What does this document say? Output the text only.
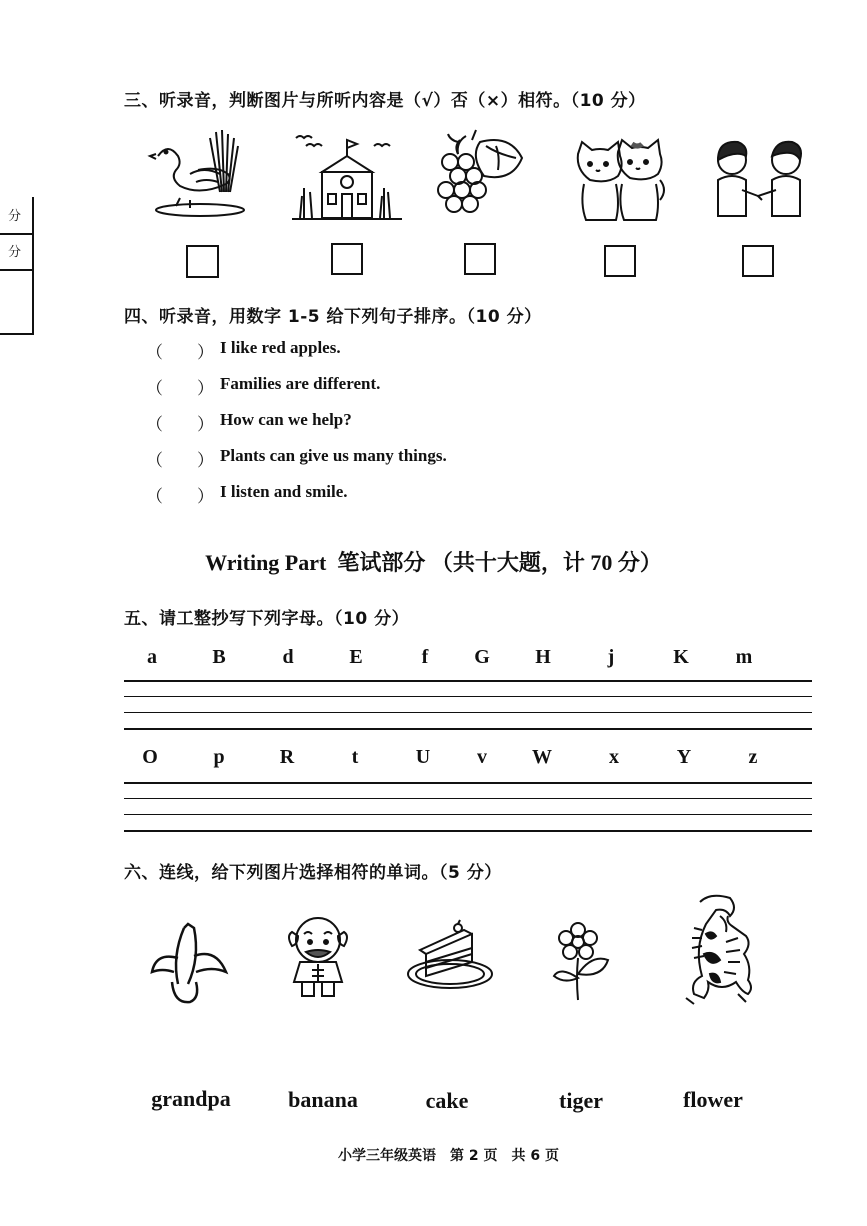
分
分
三、听录音，判断图片与所听内容是（√）否（×）相符。（10 分）
四、听录音，用数字 1-5 给下列句子排序。（10 分）
（　　） I like red apples.
（　　） Families are different.
（　　） How can we help?
（　　） Plants can give us many things.
（　　） I listen and smile.
Writing Part  笔试部分 （共十大题，计 70 分）
五、请工整抄写下列字母。（10 分）
a	B	d	E	f	G	H	j	K	m
O	p	R	t	U	v	W	x	Y	z
六、连线，给下列图片选择相符的单词。（5 分）
grandpa	banana	cake	tiger	flower
小学三年级英语　第 2 页　共 6 页
